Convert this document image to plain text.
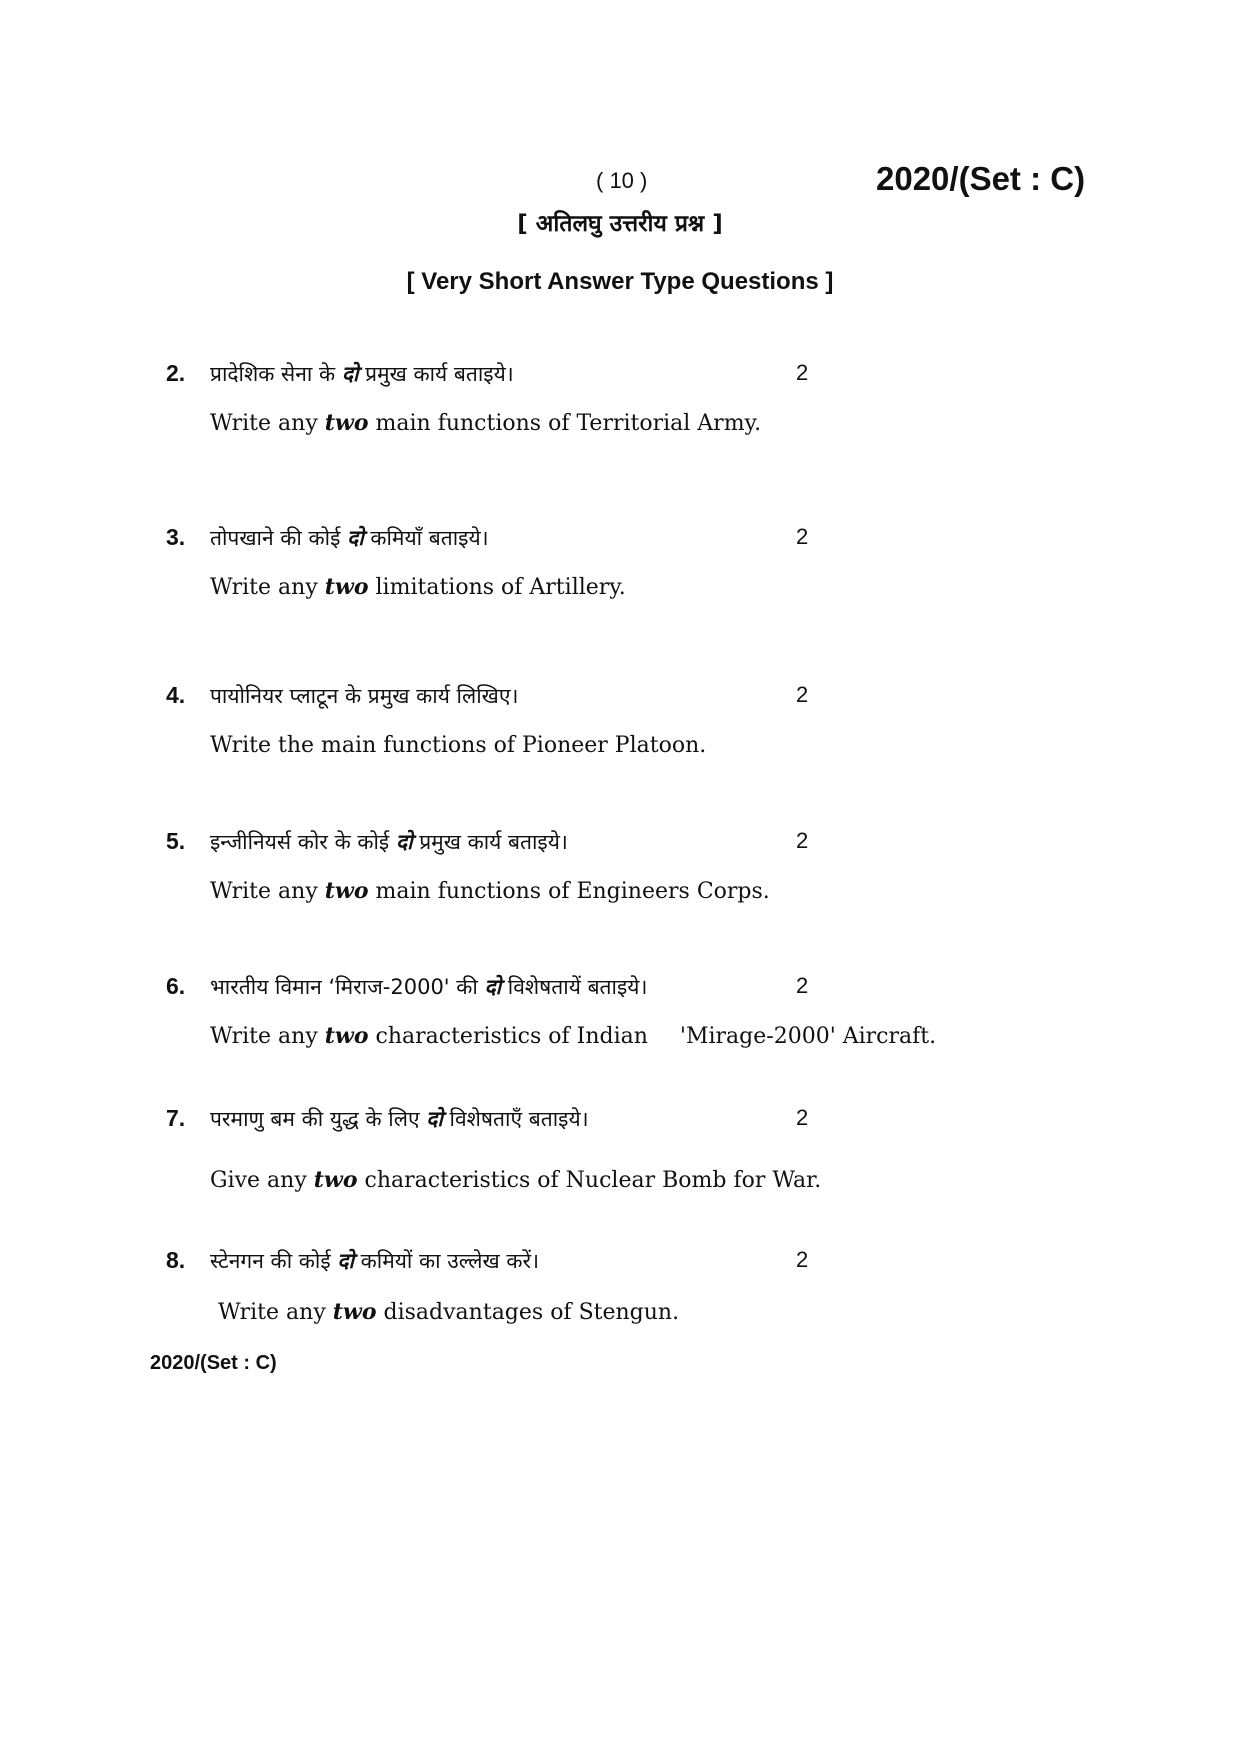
( 10 )	2020/(Set : C)
[ अतिलघु उत्तरीय प्रश्न ]
[ Very Short Answer Type Questions ]
2. प्रादेशिक सेना के दो प्रमुख कार्य बताइये।	2
Write any two main functions of Territorial Army.
3. तोपखाने की कोई दो कमियाँ बताइये।	2
Write any two limitations of Artillery.
4. पायोनियर प्लाटून के प्रमुख कार्य लिखिए।	2
Write the main functions of Pioneer Platoon.
5. इन्जीनियर्स कोर के कोई दो प्रमुख कार्य बताइये।	2
Write any two main functions of Engineers Corps.
6. भारतीय विमान ‘मिराज-2000' की दो विशेषतायें बताइये।	2
Write any two characteristics of Indian 'Mirage-2000' Aircraft.
7. परमाणु बम की युद्ध के लिए दो विशेषताएँ बताइये।	2
Give any two characteristics of Nuclear Bomb for War.
8. स्टेनगन की कोई दो कमियों का उल्लेख करें।	2
Write any two disadvantages of Stengun.
2020/(Set : C)
